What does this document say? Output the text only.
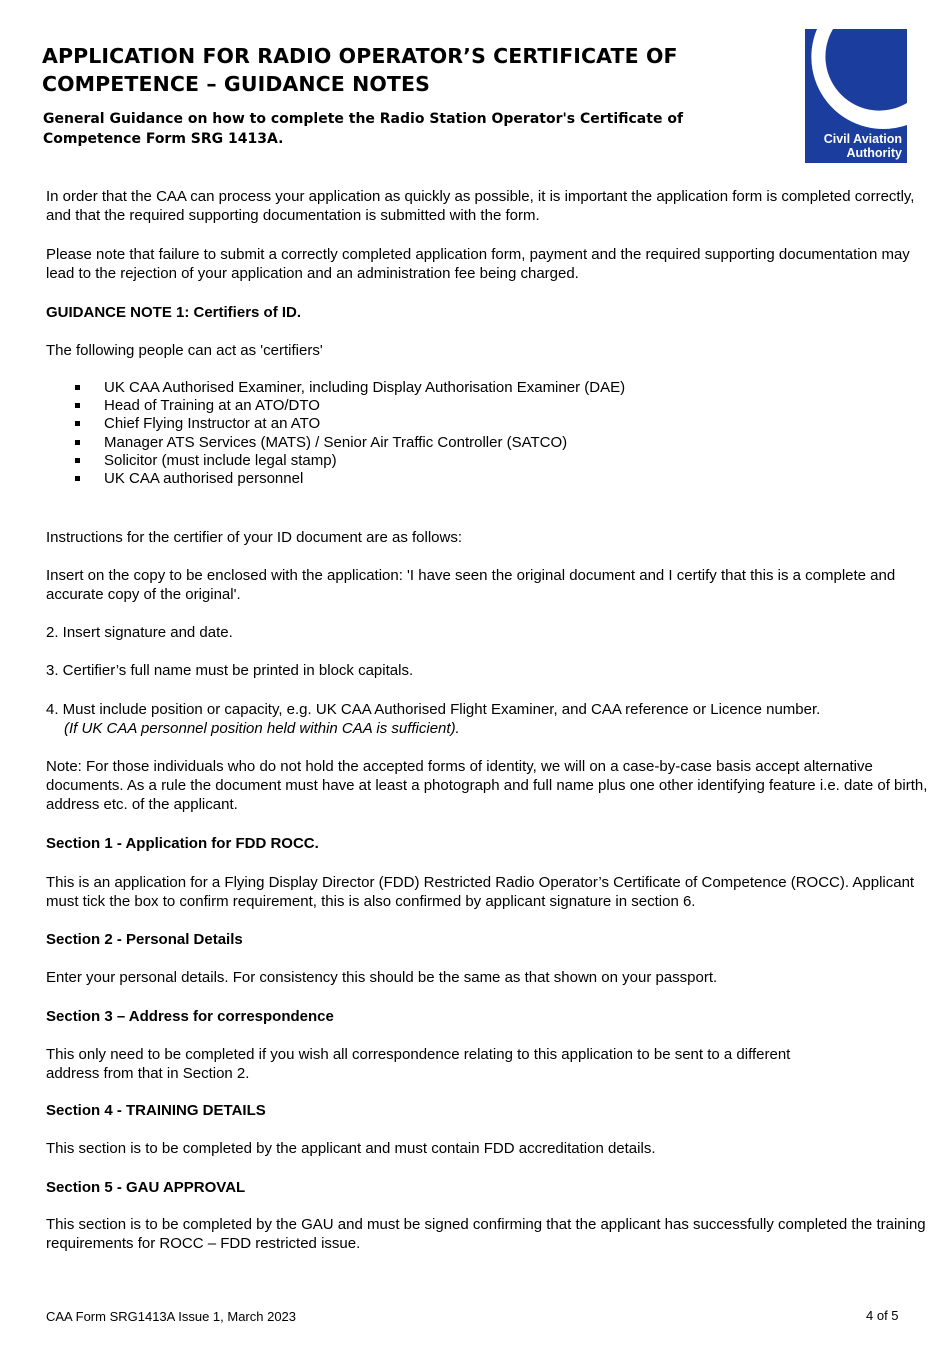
APPLICATION FOR RADIO OPERATOR’S CERTIFICATE OF
COMPETENCE – GUIDANCE NOTES
General Guidance on how to complete the Radio Station Operator's Certificate of
Competence Form SRG 1413A.	Civil Aviation
Authority
In order that the CAA can process your application as quickly as possible, it is important the application form is completed correctly, and that the required supporting documentation is submitted with the form.
Please note that failure to submit a correctly completed application form, payment and the required supporting documentation may lead to the rejection of your application and an administration fee being charged.
GUIDANCE NOTE 1: Certifiers of ID.
The following people can act as 'certifiers'
UK CAA Authorised Examiner, including Display Authorisation Examiner (DAE)
Head of Training at an ATO/DTO
Chief Flying Instructor at an ATO
Manager ATS Services (MATS) / Senior Air Traffic Controller (SATCO)
Solicitor (must include legal stamp)
UK CAA authorised personnel
Instructions for the certifier of your ID document are as follows:
Insert on the copy to be enclosed with the application: 'I have seen the original document and I certify that this is a complete and accurate copy of the original'.
2. Insert signature and date.
3. Certifier’s full name must be printed in block capitals.
4. Must include position or capacity, e.g. UK CAA Authorised Flight Examiner, and CAA reference or Licence number.
(If UK CAA personnel position held within CAA is sufficient).
Note: For those individuals who do not hold the accepted forms of identity, we will on a case-by-case basis accept alternative documents. As a rule the document must have at least a photograph and full name plus one other identifying feature i.e. date of birth, address etc. of the applicant.
Section 1 - Application for FDD ROCC.
This is an application for a Flying Display Director (FDD) Restricted Radio Operator’s Certificate of Competence (ROCC). Applicant must tick the box to confirm requirement, this is also confirmed by applicant signature in section 6.
Section 2 - Personal Details
Enter your personal details. For consistency this should be the same as that shown on your passport.
Section 3 – Address for correspondence
This only need to be completed if you wish all correspondence relating to this application to be sent to a different address from that in Section 2.
Section 4 - TRAINING DETAILS
This section is to be completed by the applicant and must contain FDD accreditation details.
Section 5 - GAU APPROVAL
This section is to be completed by the GAU and must be signed confirming that the applicant has successfully completed the training requirements for ROCC – FDD restricted issue.
CAA Form SRG1413A Issue 1, March 2023	4 of 5
